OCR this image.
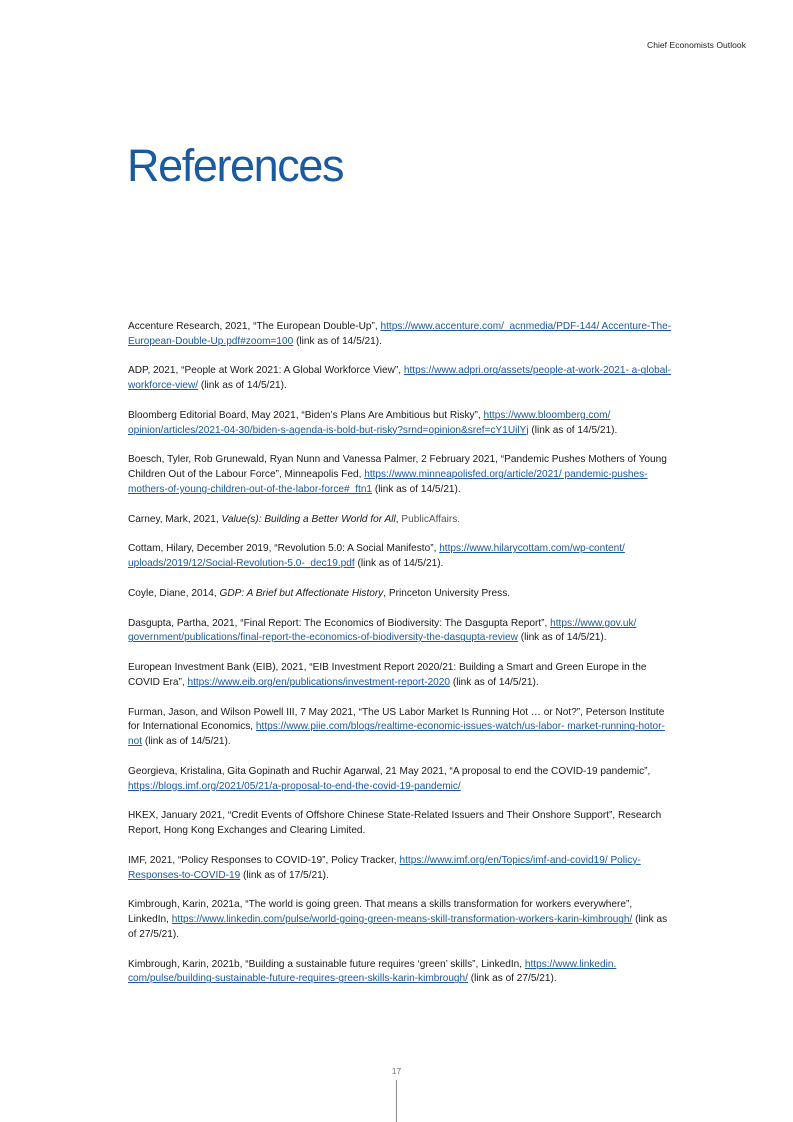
Chief Economists Outlook
References

Accenture Research, 2021, “The European Double-Up”, https://www.accenture.com/_acnmedia/PDF-144/ Accenture-The-European-Double-Up.pdf#zoom=100 (link as of 14/5/21).

ADP, 2021, “People at Work 2021: A Global Workforce View”, https://www.adpri.org/assets/people-at-work-2021- a-global-workforce-view/ (link as of 14/5/21).

Bloomberg Editorial Board, May 2021, “Biden’s Plans Are Ambitious but Risky”, https://www.bloomberg.com/ opinion/articles/2021-04-30/biden-s-agenda-is-bold-but-risky?srnd=opinion&sref=cY1UilYj (link as of 14/5/21).

Boesch, Tyler, Rob Grunewald, Ryan Nunn and Vanessa Palmer, 2 February 2021, “Pandemic Pushes Mothers of Young Children Out of the Labour Force”, Minneapolis Fed, https://www.minneapolisfed.org/article/2021/ pandemic-pushes-mothers-of-young-children-out-of-the-labor-force#_ftn1 (link as of 14/5/21).

Carney, Mark, 2021, Value(s): Building a Better World for All, PublicAffairs.

Cottam, Hilary, December 2019, “Revolution 5.0: A Social Manifesto”, https://www.hilarycottam.com/wp-content/ uploads/2019/12/Social-Revolution-5.0-_dec19.pdf (link as of 14/5/21).

Coyle, Diane, 2014, GDP: A Brief but Affectionate History, Princeton University Press.

Dasgupta, Partha, 2021, “Final Report: The Economics of Biodiversity: The Dasgupta Report”, https://www.gov.uk/ government/publications/final-report-the-economics-of-biodiversity-the-dasgupta-review (link as of 14/5/21).

European Investment Bank (EIB), 2021, “EIB Investment Report 2020/21: Building a Smart and Green Europe in the COVID Era”, https://www.eib.org/en/publications/investment-report-2020 (link as of 14/5/21).

Furman, Jason, and Wilson Powell III, 7 May 2021, “The US Labor Market Is Running Hot … or Not?”, Peterson Institute for International Economics, https://www.piie.com/blogs/realtime-economic-issues-watch/us-labor- market-running-hotor-not (link as of 14/5/21).

Georgieva, Kristalina, Gita Gopinath and Ruchir Agarwal, 21 May 2021, “A proposal to end the COVID-19 pandemic”, https://blogs.imf.org/2021/05/21/a-proposal-to-end-the-covid-19-pandemic/

HKEX, January 2021, “Credit Events of Offshore Chinese State-Related Issuers and Their Onshore Support”, Research Report, Hong Kong Exchanges and Clearing Limited.

IMF, 2021, “Policy Responses to COVID-19”, Policy Tracker, https://www.imf.org/en/Topics/imf-and-covid19/ Policy-Responses-to-COVID-19 (link as of 17/5/21).

Kimbrough, Karin, 2021a, “The world is going green. That means a skills transformation for workers everywhere”, LinkedIn, https://www.linkedin.com/pulse/world-going-green-means-skill-transformation-workers-karin-kimbrough/ (link as of 27/5/21).

Kimbrough, Karin, 2021b, “Building a sustainable future requires ‘green’ skills”, LinkedIn, https://www.linkedin. com/pulse/building-sustainable-future-requires-green-skills-karin-kimbrough/ (link as of 27/5/21).

17
